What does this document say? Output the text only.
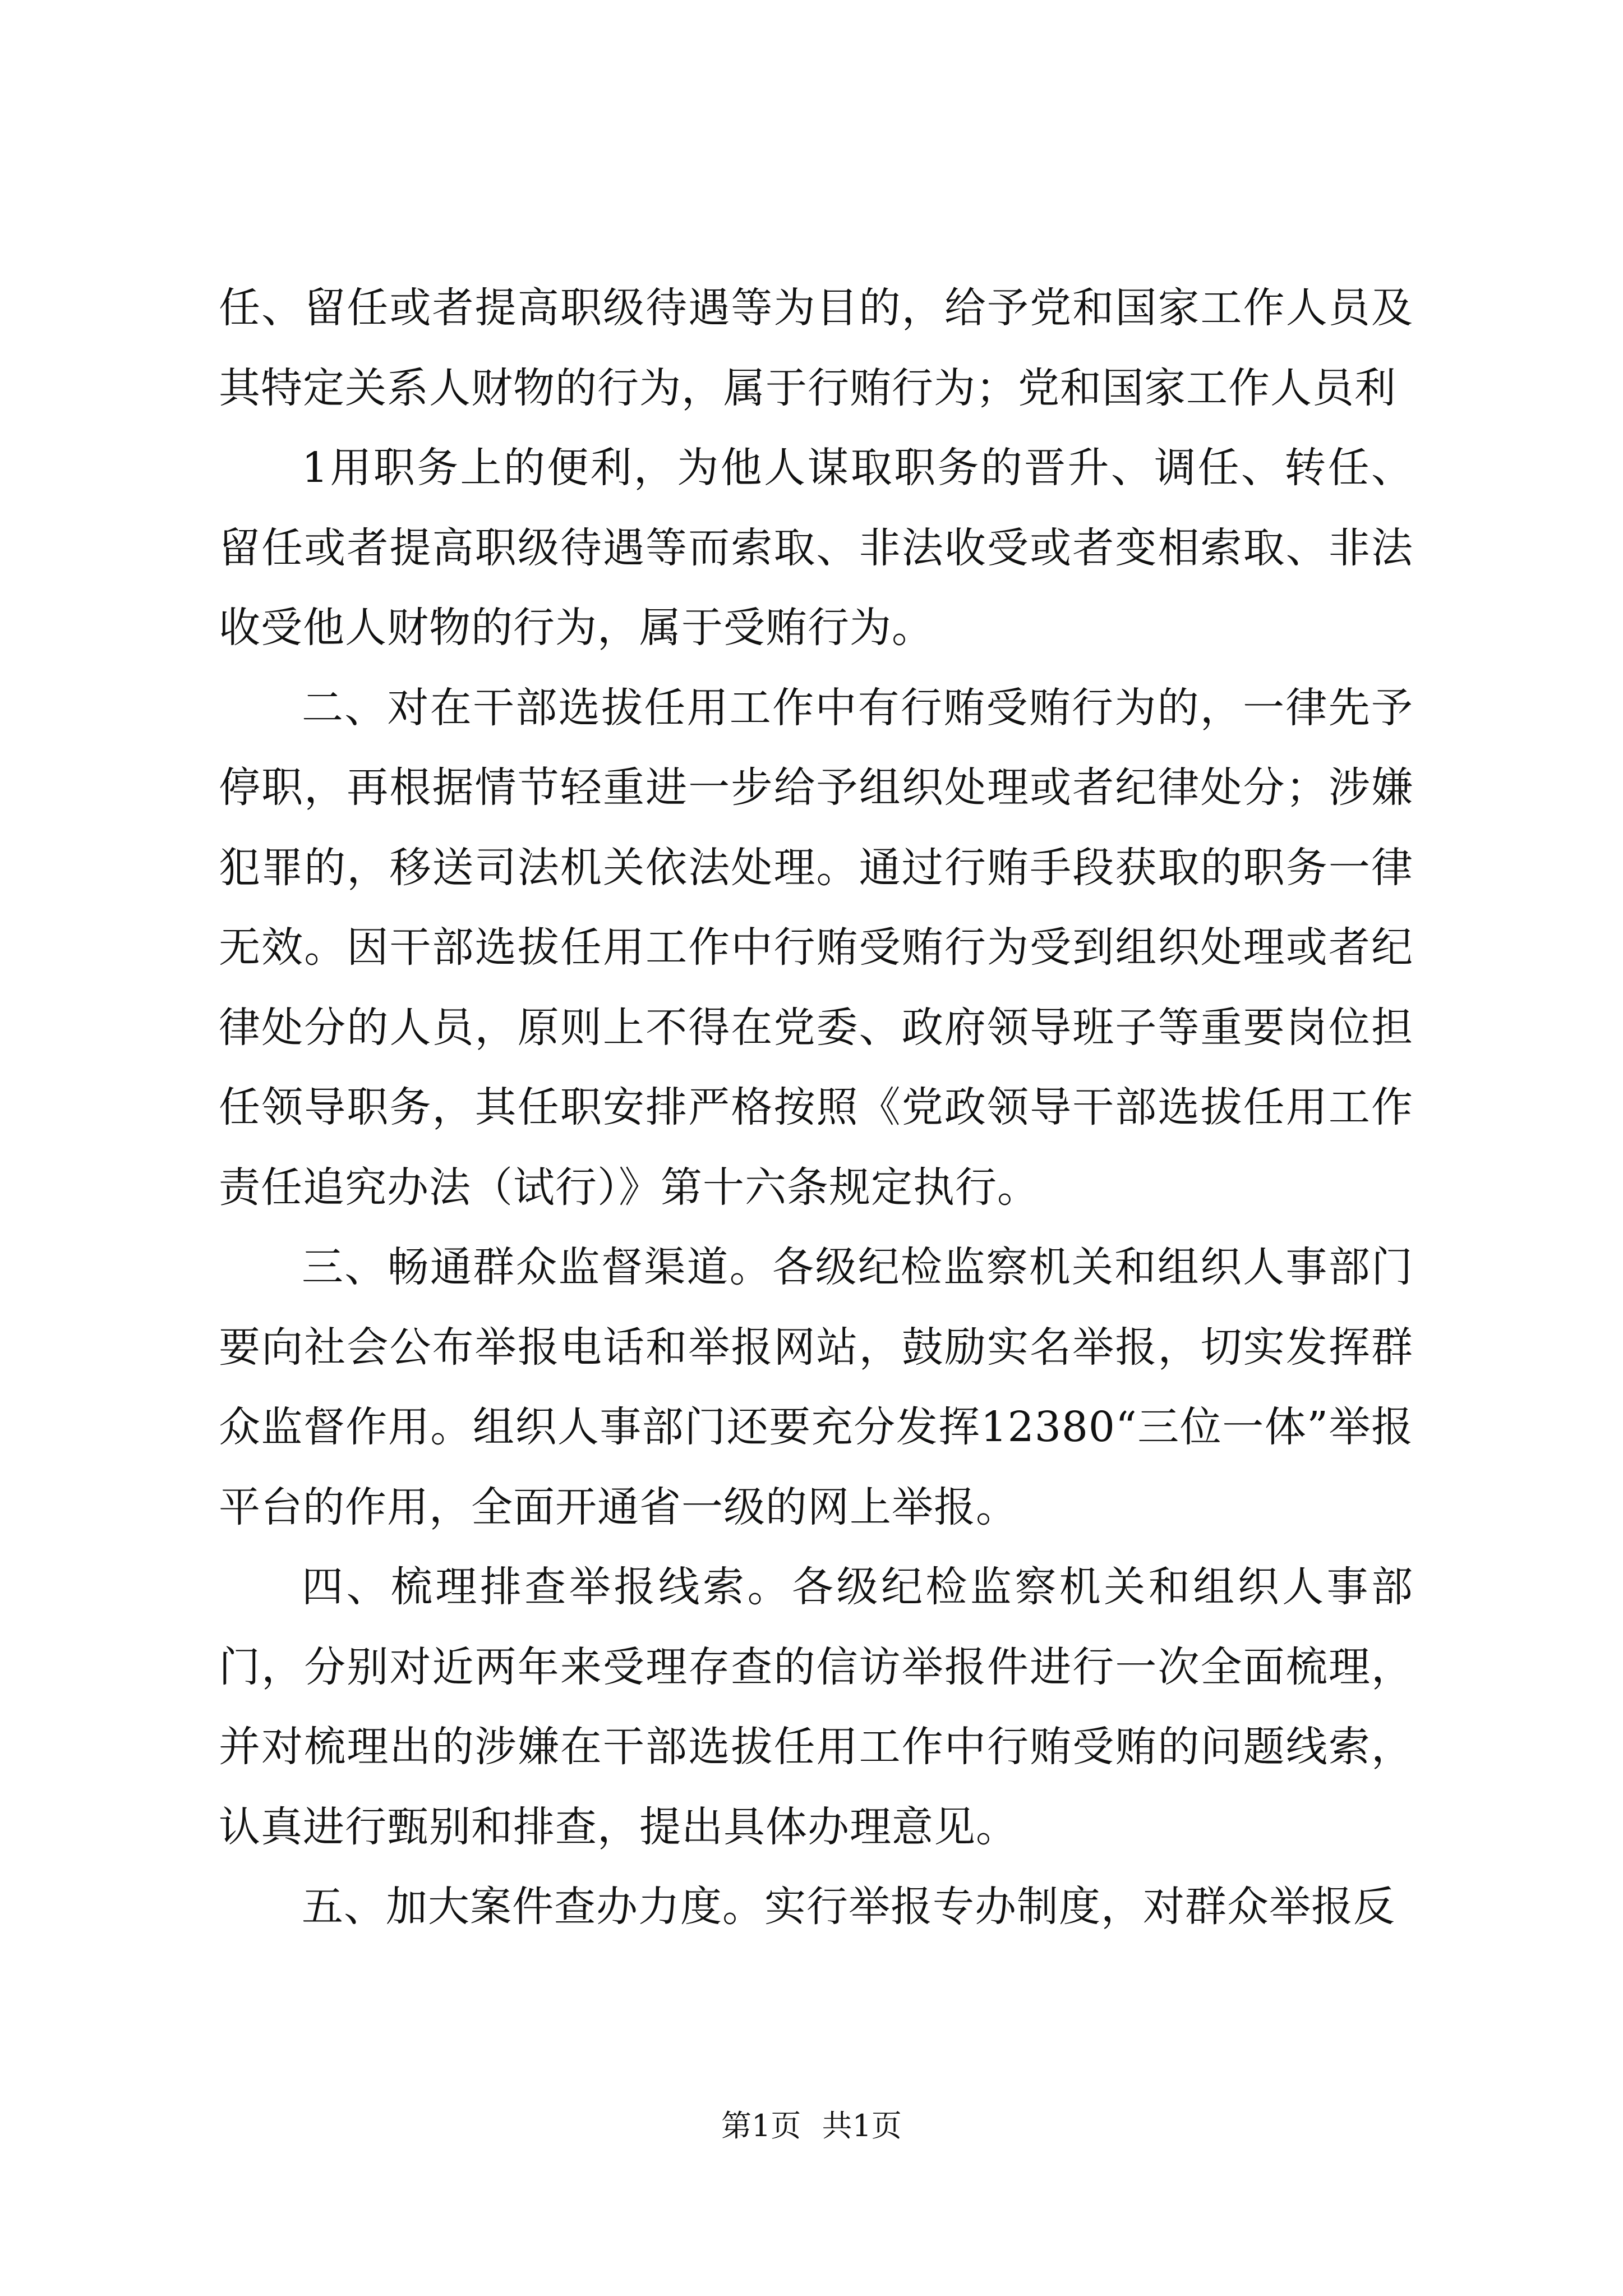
任、留任或者提高职级待遇等为目的，给予党和国家工作人员及其特定关系人财物的行为，属于行贿行为；党和国家工作人员利

1用职务上的便利，为他人谋取职务的晋升、调任、转任、留任或者提高职级待遇等而索取、非法收受或者变相索取、非法收受他人财物的行为，属于受贿行为。

二、对在干部选拔任用工作中有行贿受贿行为的，一律先予停职，再根据情节轻重进一步给予组织处理或者纪律处分；涉嫌犯罪的，移送司法机关依法处理。通过行贿手段获取的职务一律无效。因干部选拔任用工作中行贿受贿行为受到组织处理或者纪律处分的人员，原则上不得在党委、政府领导班子等重要岗位担任领导职务，其任职安排严格按照《党政领导干部选拔任用工作责任追究办法（试行）》第十六条规定执行。

三、畅通群众监督渠道。各级纪检监察机关和组织人事部门要向社会公布举报电话和举报网站，鼓励实名举报，切实发挥群众监督作用。组织人事部门还要充分发挥12380“三位一体”举报平台的作用，全面开通省一级的网上举报。

四、梳理排查举报线索。各级纪检监察机关和组织人事部门，分别对近两年来受理存查的信访举报件进行一次全面梳理，并对梳理出的涉嫌在干部选拔任用工作中行贿受贿的问题线索，认真进行甄别和排查，提出具体办理意见。

五、加大案件查办力度。实行举报专办制度，对群众举报反

第1页 共1页
